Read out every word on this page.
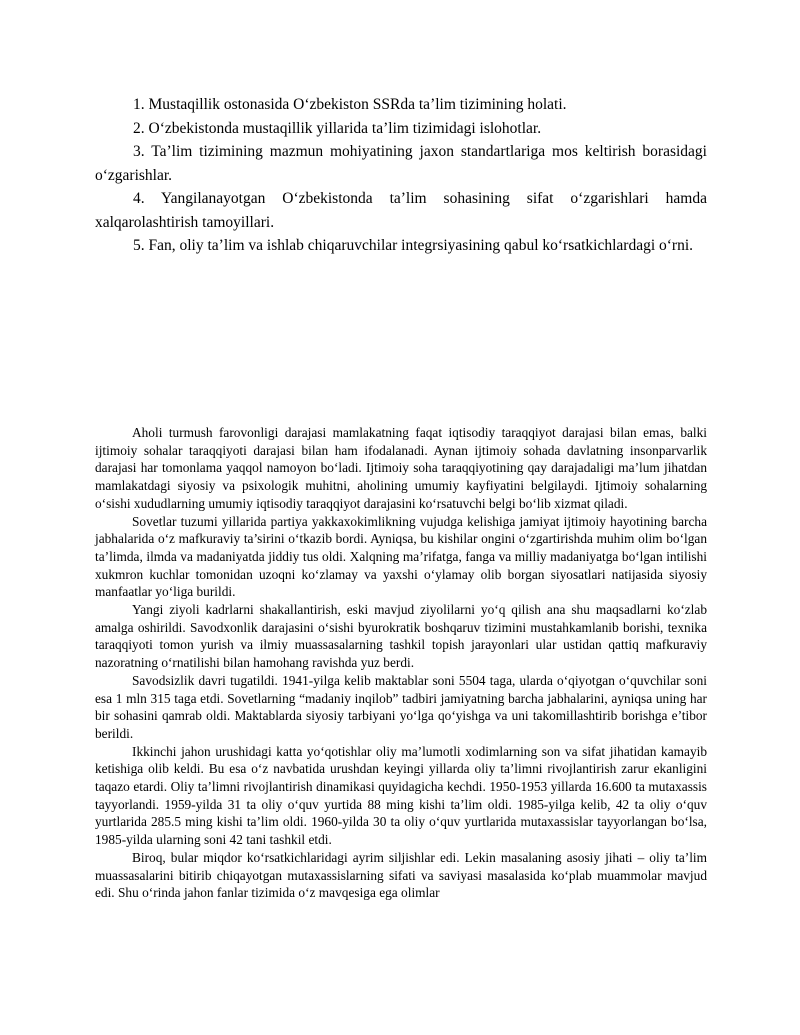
1. Mustaqillik ostonasida O‘zbekiston SSRda ta’lim tizimining holati.

2. O‘zbekistonda mustaqillik yillarida ta’lim tizimidagi islohotlar.

3. Ta’lim tizimining mazmun mohiyatining jaxon standartlariga mos keltirish borasidagi o‘zgarishlar.

4. Yangilanayotgan O‘zbekistonda ta’lim sohasining sifat o‘zgarishlari hamda xalqarolashtirish tamoyillari.

5. Fan, oliy ta’lim va ishlab chiqaruvchilar integrsiyasining qabul ko‘rsatkichlardagi o‘rni.

Aholi turmush farovonligi darajasi mamlakatning faqat iqtisodiy taraqqiyot darajasi bilan emas, balki ijtimoiy sohalar taraqqiyoti darajasi bilan ham ifodalanadi. Aynan ijtimoiy sohada davlatning insonparvarlik darajasi har tomonlama yaqqol namoyon bo‘ladi. Ijtimoiy soha taraqqiyotining qay darajadaligi ma’lum jihatdan mamlakatdagi siyosiy va psixologik muhitni, aholining umumiy kayfiyatini belgilaydi. Ijtimoiy sohalarning o‘sishi xududlarning umumiy iqtisodiy taraqqiyot darajasini ko‘rsatuvchi belgi bo‘lib xizmat qiladi.

Sovetlar tuzumi yillarida partiya yakkaxokimlikning vujudga kelishiga jamiyat ijtimoiy hayotining barcha jabhalarida o‘z mafkuraviy ta’sirini o‘tkazib bordi. Ayniqsa, bu kishilar ongini o‘zgartirishda muhim olim bo‘lgan ta’limda, ilmda va madaniyatda jiddiy tus oldi. Xalqning ma’rifatga, fanga va milliy madaniyatga bo‘lgan intilishi xukmron kuchlar tomonidan uzoqni ko‘zlamay va yaxshi o‘ylamay olib borgan siyosatlari natijasida siyosiy manfaatlar yo‘liga burildi.

Yangi ziyoli kadrlarni shakallantirish, eski mavjud ziyolilarni yo‘q qilish ana shu maqsadlarni ko‘zlab amalga oshirildi. Savodxonlik darajasini o‘sishi byurokratik boshqaruv tizimini mustahkamlanib borishi, texnika taraqqiyoti tomon yurish va ilmiy muassasalarning tashkil topish jarayonlari ular ustidan qattiq mafkuraviy nazoratning o‘rnatilishi bilan hamohang ravishda yuz berdi.

Savodsizlik davri tugatildi. 1941-yilga kelib maktablar soni 5504 taga, ularda o‘qiyotgan o‘quvchilar soni esa 1 mln 315 taga etdi. Sovetlarning “madaniy inqilob” tadbiri jamiyatning barcha jabhalarini, ayniqsa uning har bir sohasini qamrab oldi. Maktablarda siyosiy tarbiyani yo‘lga qo‘yishga va uni takomillashtirib borishga e’tibor berildi.

Ikkinchi jahon urushidagi katta yo‘qotishlar oliy ma’lumotli xodimlarning son va sifat jihatidan kamayib ketishiga olib keldi. Bu esa o‘z navbatida urushdan keyingi yillarda oliy ta’limni rivojlantirish zarur ekanligini taqazo etardi. Oliy ta’limni rivojlantirish dinamikasi quyidagicha kechdi. 1950-1953 yillarda 16.600 ta mutaxassis tayyorlandi. 1959-yilda 31 ta oliy o‘quv yurtida 88 ming kishi ta’lim oldi. 1985-yilga kelib, 42 ta oliy o‘quv yurtlarida 285.5 ming kishi ta’lim oldi. 1960-yilda 30 ta oliy o‘quv yurtlarida mutaxassislar tayyorlangan bo‘lsa, 1985-yilda ularning soni 42 tani tashkil etdi.

Biroq, bular miqdor ko‘rsatkichlaridagi ayrim siljishlar edi. Lekin masalaning asosiy jihati – oliy ta’lim muassasalarini bitirib chiqayotgan mutaxassislarning sifati va saviyasi masalasida ko‘plab muammolar mavjud edi. Shu o‘rinda jahon fanlar tizimida o‘z mavqesiga ega olimlar
